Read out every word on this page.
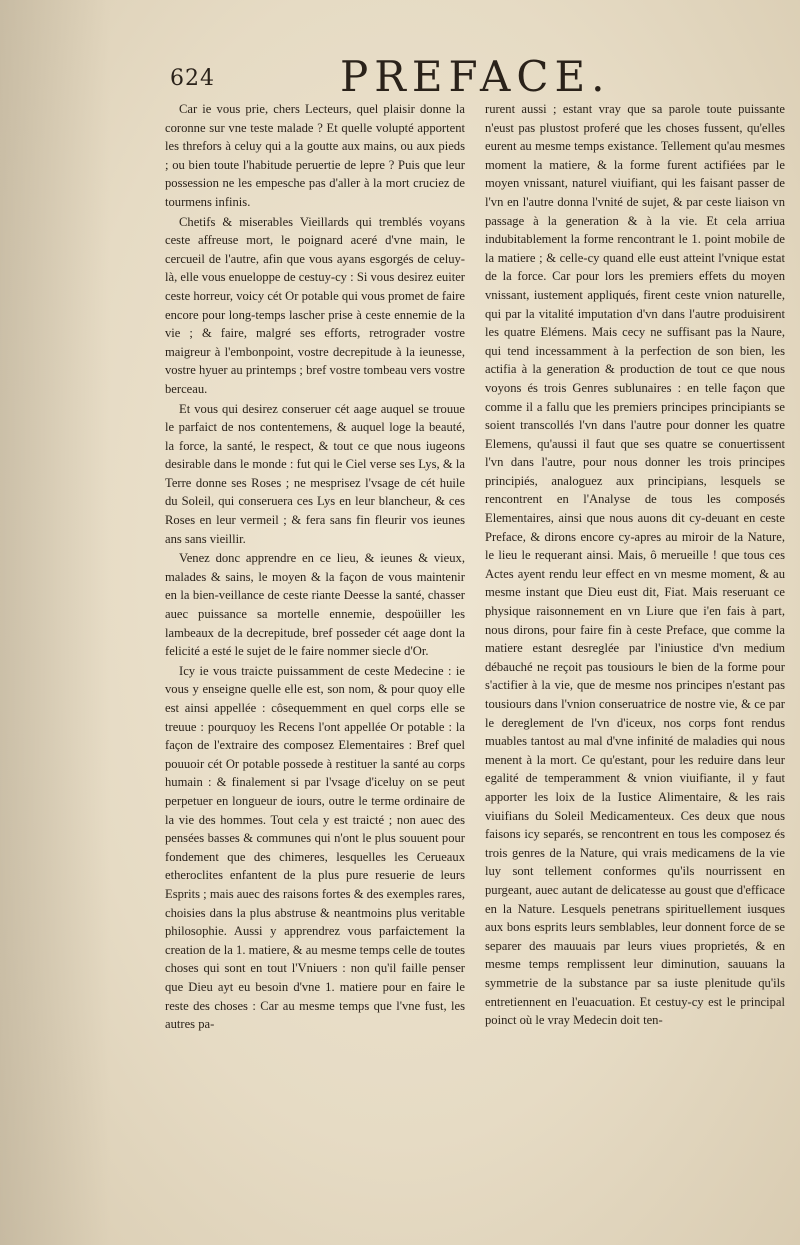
624	PREFACE.

Car ie vous prie, chers Lecteurs, quel plaisir donne la coronne sur vne teste malade ? Et quelle volupté apportent les threfors à celuy qui a la goutte aux mains, ou aux pieds ; ou bien toute l'habitude peruertie de lepre ? Puis que leur possession ne les empesche pas d'aller à la mort cruciez de tourmens infinis.

Chetifs & miserables Vieillards qui tremblés voyans ceste affreuse mort, le poignard aceré d'vne main, le cercueil de l'autre, afin que vous ayans esgorgés de celuy-là, elle vous enueloppe de cestuy-cy : Si vous desirez euiter ceste horreur, voicy cét Or potable qui vous promet de faire encore pour long-temps lascher prise à ceste ennemie de la vie ; & faire, malgré ses efforts, retrograder vostre maigreur à l'embonpoint, vostre decrepitude à la ieunesse, vostre hyuer au printemps ; bref vostre tombeau vers vostre berceau.

Et vous qui desirez conseruer cét aage auquel se trouue le parfaict de nos contentemens, & auquel loge la beauté, la force, la santé, le respect, & tout ce que nous iugeons desirable dans le monde : fut qui le Ciel verse ses Lys, & la Terre donne ses Roses ; ne mesprisez l'vsage de cét huile du Soleil, qui conseruera ces Lys en leur blancheur, & ces Roses en leur vermeil ; & fera sans fin fleurir vos ieunes ans sans vieillir.

Venez donc apprendre en ce lieu, & ieunes & vieux, malades & sains, le moyen & la façon de vous maintenir en la bien-veillance de ceste riante Deesse la santé, chasser auec puissance sa mortelle ennemie, despoüiller les lambeaux de la decrepitude, bref posseder cét aage dont la felicité a esté le sujet de le faire nommer siecle d'Or.

Icy ie vous traicte puissamment de ceste Medecine : ie vous y enseigne quelle elle est, son nom, & pour quoy elle est ainsi appellée : côsequemment en quel corps elle se treuue : pourquoy les Recens l'ont appellée Or potable : la façon de l'extraire des composez Elementaires : Bref quel pouuoir cét Or potable possede à restituer la santé au corps humain : & finalement si par l'vsage d'iceluy on se peut perpetuer en longueur de iours, outre le terme ordinaire de la vie des hommes. Tout cela y est traicté ; non auec des pensées basses & communes qui n'ont le plus souuent pour fondement que des chimeres, lesquelles les Cerueaux etheroclites enfantent de la plus pure resuerie de leurs Esprits ; mais auec des raisons fortes & des exemples rares, choisies dans la plus abstruse & neantmoins plus veritable philosophie. Aussi y apprendrez vous parfaictement la creation de la 1. matiere, & au mesme temps celle de toutes choses qui sont en tout l'Vniuers : non qu'il faille penser que Dieu ayt eu besoin d'vne 1. matiere pour en faire le reste des choses : Car au mesme temps que l'vne fust, les autres pa-

rurent aussi ; estant vray que sa parole toute puissante n'eust pas plustost proferé que les choses fussent, qu'elles eurent au mesme temps existance. Tellement qu'au mesmes moment la matiere, & la forme furent actifiées par le moyen vnissant, naturel viuifiant, qui les faisant passer de l'vn en l'autre donna l'vnité de sujet, & par ceste liaison vn passage à la generation & à la vie. Et cela arriua indubitablement la forme rencontrant le 1. point mobile de la matiere ; & celle-cy quand elle eust atteint l'vnique estat de la force. Car pour lors les premiers effets du moyen vnissant, iustement appliqués, firent ceste vnion naturelle, qui par la vitalité imputation d'vn dans l'autre produisirent les quatre Elémens. Mais cecy ne suffisant pas la Naure, qui tend incessamment à la perfection de son bien, les actifia à la generation & production de tout ce que nous voyons és trois Genres sublunaires : en telle façon que comme il a fallu que les premiers principes principiants se soient transcollés l'vn dans l'autre pour donner les quatre Elemens, qu'aussi il faut que ses quatre se conuertissent l'vn dans l'autre, pour nous donner les trois principes principiés, analoguez aux principians, lesquels se rencontrent en l'Analyse de tous les composés Elementaires, ainsi que nous auons dit cy-deuant en ceste Preface, & dirons encore cy-apres au miroir de la Nature, le lieu le requerant ainsi. Mais, ô merueille ! que tous ces Actes ayent rendu leur effect en vn mesme moment, & au mesme instant que Dieu eust dit, Fiat. Mais reseruant ce physique raisonnement en vn Liure que i'en fais à part, nous dirons, pour faire fin à ceste Preface, que comme la matiere estant desreglée par l'iniustice d'vn medium débauché ne reçoit pas tousiours le bien de la forme pour s'actifier à la vie, que de mesme nos principes n'estant pas tousiours dans l'vnion conseruatrice de nostre vie, & ce par le dereglement de l'vn d'iceux, nos corps font rendus muables tantost au mal d'vne infinité de maladies qui nous menent à la mort. Ce qu'estant, pour les reduire dans leur egalité de temperamment & vnion viuifiante, il y faut apporter les loix de la Iustice Alimentaire, & les rais viuifians du Soleil Medicamenteux. Ces deux que nous faisons icy separés, se rencontrent en tous les composez és trois genres de la Nature, qui vrais medicamens de la vie luy sont tellement conformes qu'ils nourrissent en purgeant, auec autant de delicatesse au goust que d'efficace en la Nature. Lesquels penetrans spirituellement iusques aux bons esprits leurs semblables, leur donnent force de se separer des mauuais par leurs viues proprietés, & en mesme temps remplissent leur diminution, sauuans la symmetrie de la substance par sa iuste plenitude qu'ils entretiennent en l'euacuation. Et cestuy-cy est le principal poinct où le vray Medecin doit ten-
